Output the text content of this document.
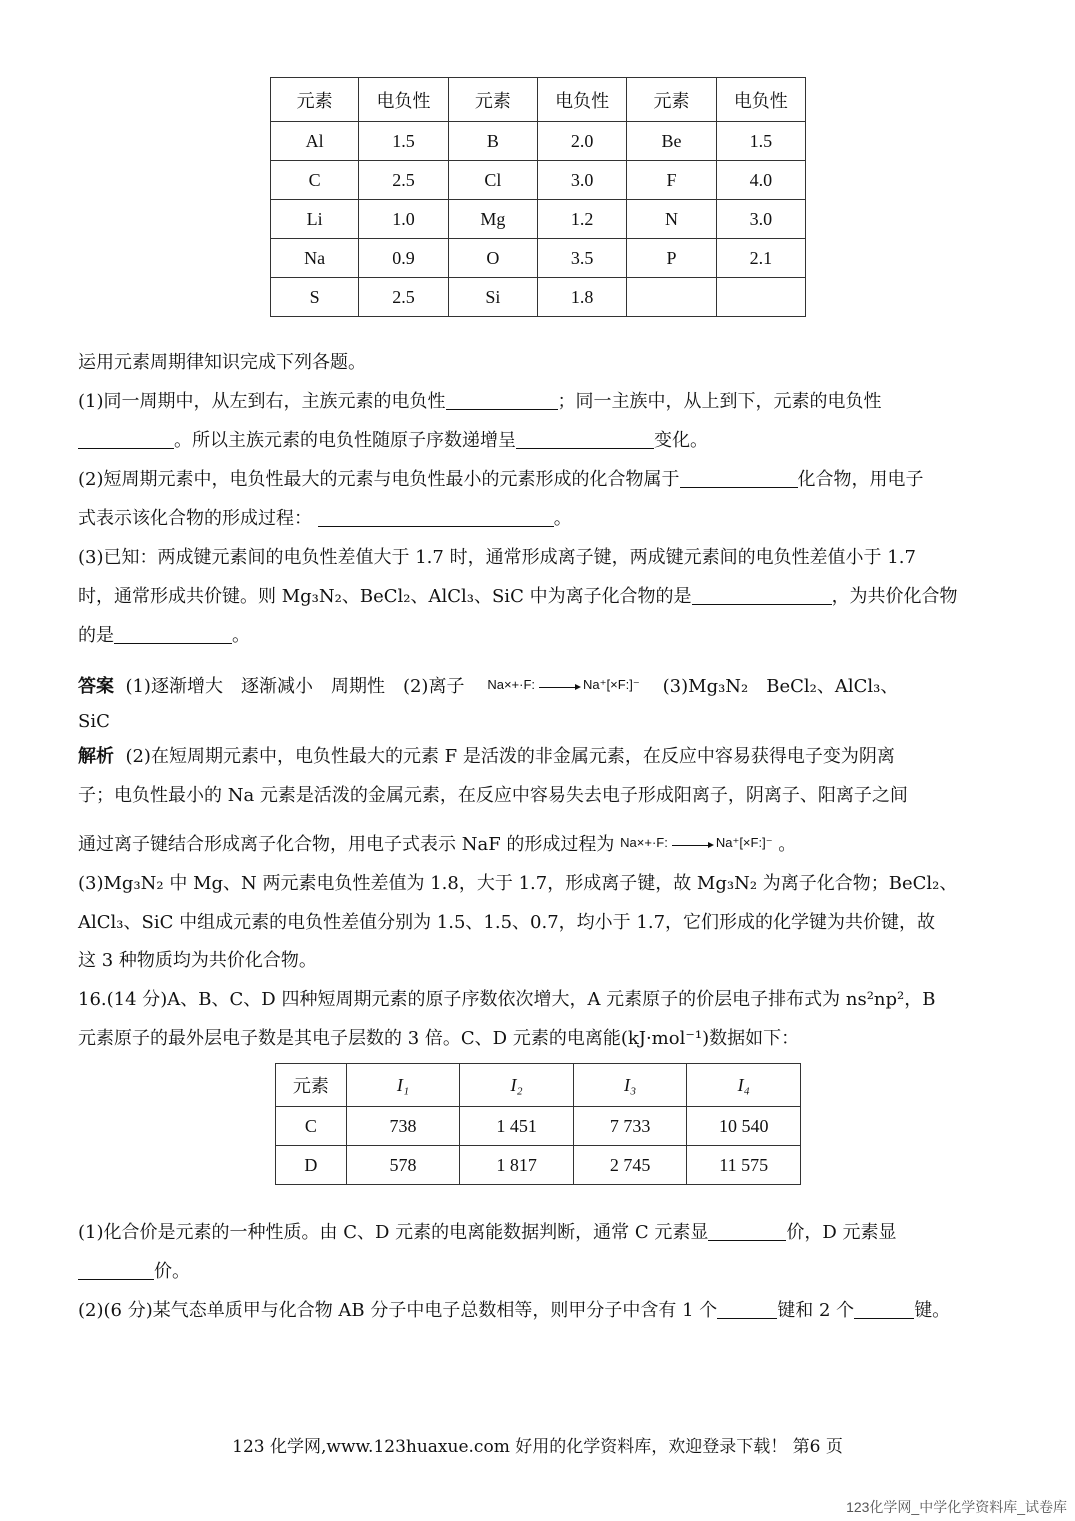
元素	电负性	元素	电负性	元素	电负性
Al	1.5	B	2.0	Be	1.5
C	2.5	Cl	3.0	F	4.0
Li	1.0	Mg	1.2	N	3.0
Na	0.9	O	3.5	P	2.1
S	2.5	Si	1.8		
运用元素周期律知识完成下列各题。
(1)同一周期中，从左到右，主族元素的电负性	；同一主族中，从上到下，元素的电负性
。所以主族元素的电负性随原子序数递增呈	变化。
(2)短周期元素中，电负性最大的元素与电负性最小的元素形成的化合物属于	化合物，用电子
式表示该化合物的形成过程：	。
(3)已知：两成键元素间的电负性差值大于 1.7 时，通常形成离子键，两成键元素间的电负性差值小于 1.7
时，通常形成共价键。则 Mg₃N₂、BeCl₂、AlCl₃、SiC 中为离子化合物的是	，为共价化合物
的是	。
答案 (1)逐渐增大　逐渐减小　周期性　(2)离子 Na×+·F: → Na⁺[×F:]⁻ (3)Mg₃N₂　BeCl₂、AlCl₃、
SiC
解析 (2)在短周期元素中，电负性最大的元素 F 是活泼的非金属元素，在反应中容易获得电子变为阴离
子；电负性最小的 Na 元素是活泼的金属元素，在反应中容易失去电子形成阳离子，阴离子、阳离子之间
通过离子键结合形成离子化合物，用电子式表示 NaF 的形成过程为 Na×+·F: → Na⁺[×F:]⁻ 。
(3)Mg₃N₂ 中 Mg、N 两元素电负性差值为 1.8，大于 1.7，形成离子键，故 Mg₃N₂ 为离子化合物；BeCl₂、
AlCl₃、SiC 中组成元素的电负性差值分别为 1.5、1.5、0.7，均小于 1.7，它们形成的化学键为共价键，故
这 3 种物质均为共价化合物。
16.(14 分)A、B、C、D 四种短周期元素的原子序数依次增大，A 元素原子的价层电子排布式为 ns²np²，B
元素原子的最外层电子数是其电子层数的 3 倍。C、D 元素的电离能(kJ·mol⁻¹)数据如下：
元素	I₁	I₂	I₃	I₄
C	738	1 451	7 733	10 540
D	578	1 817	2 745	11 575
(1)化合价是元素的一种性质。由 C、D 元素的电离能数据判断，通常 C 元素显	价，D 元素显
价。
(2)(6 分)某气态单质甲与化合物 AB 分子中电子总数相等，则甲分子中含有 1 个	键和 2 个	键。
123 化学网,www.123huaxue.com 好用的化学资料库，欢迎登录下载！ 第6 页
123化学网_中学化学资料库_试卷库
